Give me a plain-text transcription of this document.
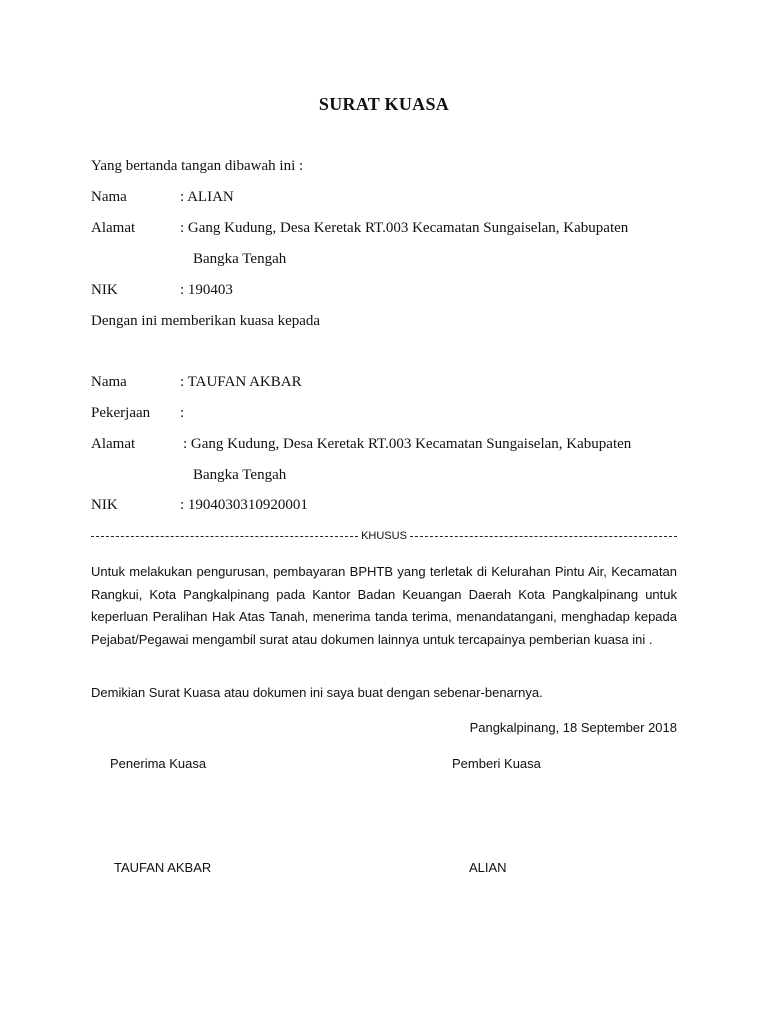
SURAT KUASA
Yang bertanda tangan dibawah ini :
Nama	: ALIAN
Alamat	: Gang Kudung, Desa Keretak RT.003 Kecamatan Sungaiselan, Kabupaten
Bangka Tengah
NIK	: 190403
Dengan ini memberikan kuasa kepada
Nama	: TAUFAN AKBAR
Pekerjaan :
Alamat	: Gang Kudung, Desa Keretak RT.003 Kecamatan Sungaiselan, Kabupaten
Bangka Tengah
NIK	: 1904030310920001
KHUSUS
Untuk melakukan pengurusan, pembayaran BPHTB yang terletak di Kelurahan Pintu Air, Kecamatan Rangkui, Kota Pangkalpinang pada Kantor Badan Keuangan Daerah Kota Pangkalpinang untuk keperluan Peralihan Hak Atas Tanah, menerima tanda terima, menandatangani, menghadap kepada Pejabat/Pegawai mengambil surat atau dokumen lainnya untuk tercapainya pemberian kuasa ini .
Demikian Surat Kuasa atau dokumen ini saya buat dengan sebenar-benarnya.
Pangkalpinang, 18 September 2018
Penerima Kuasa	Pemberi Kuasa
TAUFAN AKBAR	ALIAN
